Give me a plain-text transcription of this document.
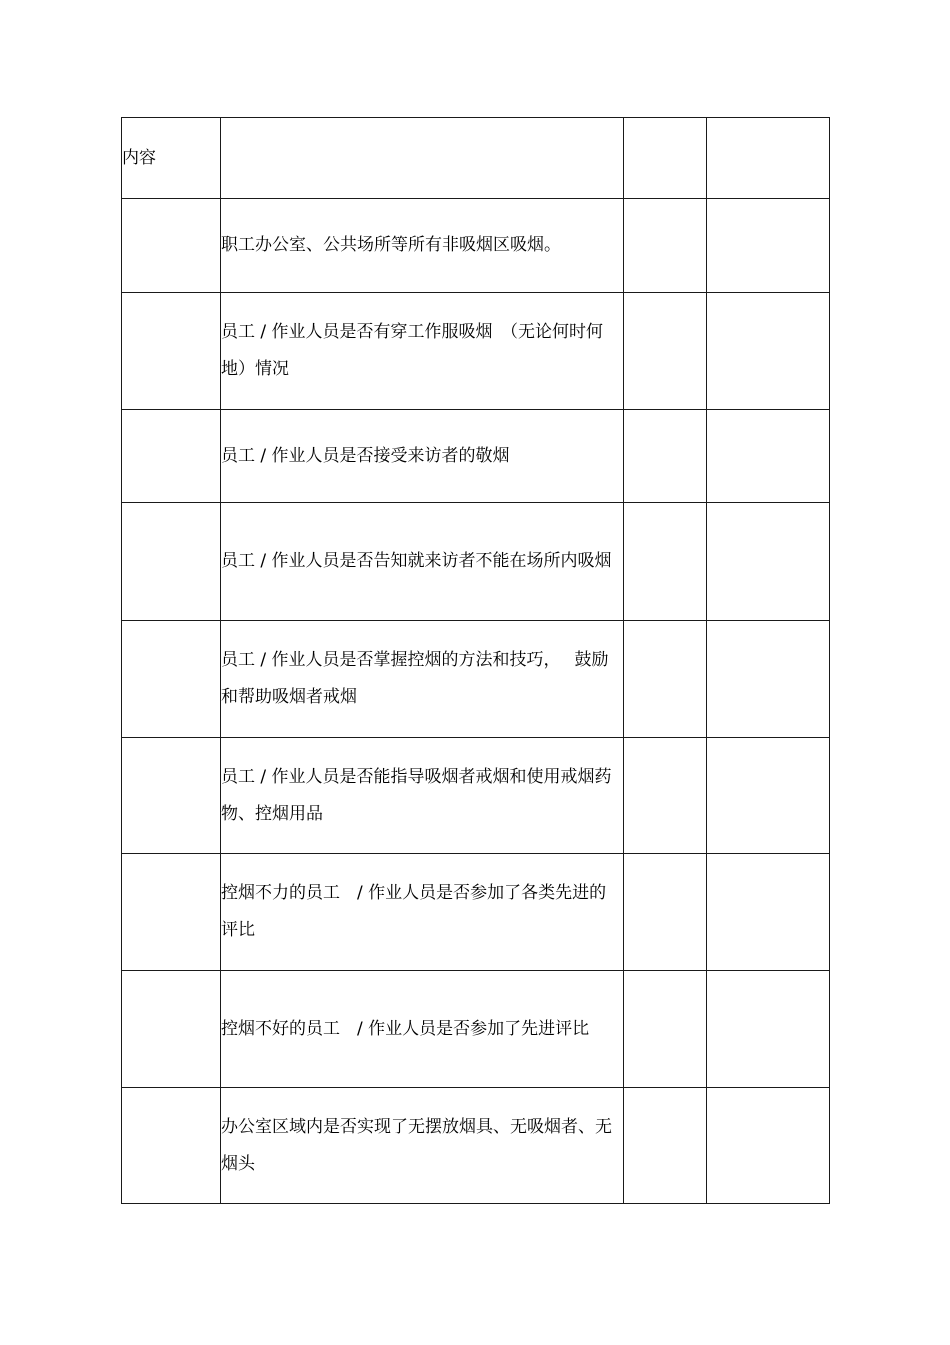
内容			

	职工办公室、公共场所等所有非吸烟区吸烟。		

	员工 / 作业人员是否有穿工作服吸烟　（无论何时何地）情况		

	员工 / 作业人员是否接受来访者的敬烟		

	员工 / 作业人员是否告知就来访者不能在场所内吸烟		

	员工 / 作业人员是否掌握控烟的方法和技巧，　 鼓励和帮助吸烟者戒烟		

	员工 / 作业人员是否能指导吸烟者戒烟和使用戒烟药物、控烟用品		

	控烟不力的员工　/ 作业人员是否参加了各类先进的评比		

	控烟不好的员工　/ 作业人员是否参加了先进评比		

	办公室区域内是否实现了无摆放烟具、无吸烟者、无烟头		
